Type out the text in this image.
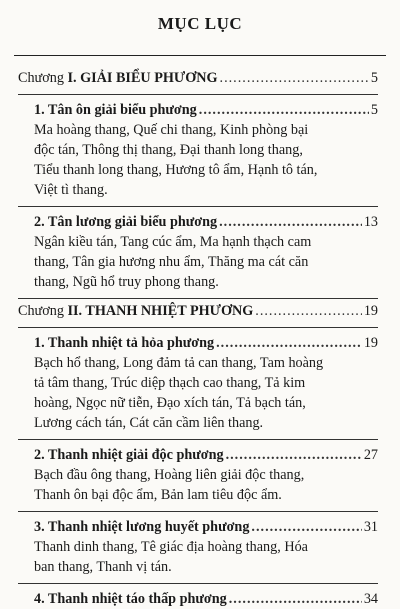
MỤC LỤC
Chương I. GIẢI BIỂU PHƯƠNG .....	5
1. Tân ôn giải biểu phương .....	5
Ma hoàng thang, Quế chi thang, Kinh phòng bại
độc tán, Thông thị thang, Đại thanh long thang,
Tiểu thanh long thang, Hương tô ẩm, Hạnh tô tán,
Việt tì thang.
2. Tân lương giải biểu phương .....	13
Ngân kiều tán, Tang cúc ẩm, Ma hạnh thạch cam
thang, Tân gia hương nhu ẩm, Thăng ma cát căn
thang, Ngũ hổ truy phong thang.
Chương II. THANH NHIỆT PHƯƠNG .....	19
1. Thanh nhiệt tả hỏa phương .....	19
Bạch hổ thang, Long đảm tả can thang, Tam hoàng
tả tâm thang, Trúc diệp thạch cao thang, Tả kim
hoàng, Ngọc nữ tiễn, Đạo xích tán, Tả bạch tán,
Lương cách tán, Cát căn cầm liên thang.
2. Thanh nhiệt giải độc phương .....	27
Bạch đầu ông thang, Hoàng liên giải độc thang,
Thanh ôn bại độc ẩm, Bản lam tiêu độc ẩm.
3. Thanh nhiệt lương huyết phương .....	31
Thanh dinh thang, Tê giác địa hoàng thang, Hóa
ban thang, Thanh vị tán.
4. Thanh nhiệt táo thấp phương .....	34
